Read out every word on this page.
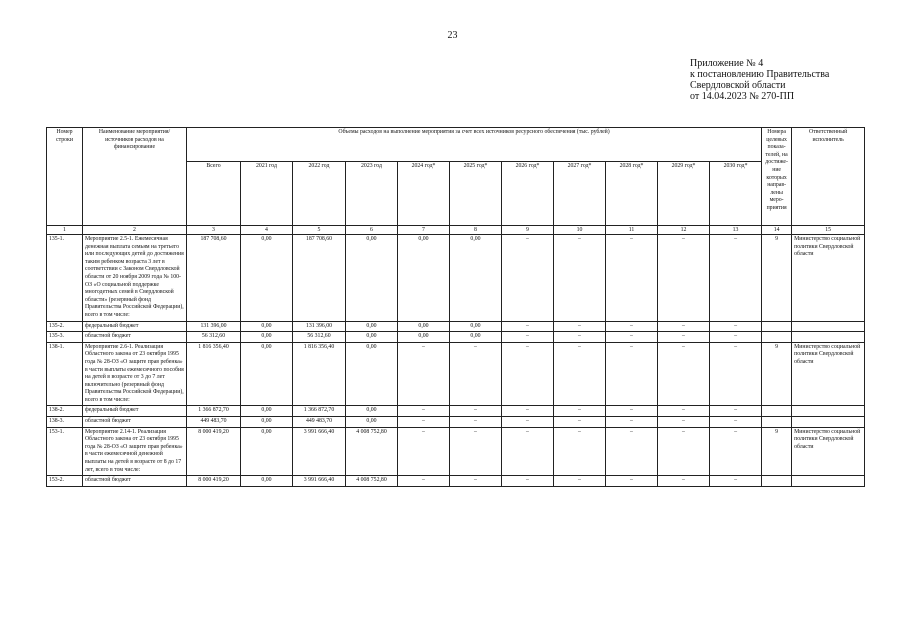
23
Приложение № 4
к постановлению Правительства
Свердловской области
от 14.04.2023 № 270-ПП
Номер строки	Наименование мероприятия/ источников расходов на финансирование	Объемы расходов на выполнение мероприятия за счет всех источников ресурсного обеспечения (тыс. рублей)											Номера целевых показа-телей, на достиже-ние которых направ-лены меро-приятия	Ответственный исполнитель
		Всего	2021 год	2022 год	2023 год	2024 год*	2025 год*	2026 год*	2027 год*	2028 год*	2029 год*	2030 год*		
1	2	3	4	5	6	7	8	9	10	11	12	13	14	15
135-1.	Мероприятие 2.5-1. Ежемесячная денежная выплата семьям на третьего или последующих детей до достижения таким ребенком возраста 3 лет в соответствии с Законом Свердловской области от 20 ноября 2009 года № 100-ОЗ «О социальной поддержке многодетных семей в Свердловской области» (резервный фонд Правительства Российской Федерации), всего в том числе:	187 708,60	0,00	187 708,60	0,00	0,00	0,00	–	–	–	–	–	9	Министерство социальной политики Свердловской области
135-2.	федеральный бюджет	131 396,00	0,00	131 396,00	0,00	0,00	0,00	–	–	–	–	–		
135-3.	областной бюджет	56 312,60	0,00	56 312,60	0,00	0,00	0,00	–	–	–	–	–		
138-1.	Мероприятие 2.6-1. Реализация Областного закона от 23 октября 1995 года № 28-ОЗ «О защите прав ребенка» в части выплаты ежемесячного пособия на детей в возрасте от 3 до 7 лет включительно (резервный фонд Правительства Российской Федерации), всего в том числе:	1 816 356,40	0,00	1 816 356,40	0,00	–	–	–	–	–	–	–	9	Министерство социальной политики Свердловской области
138-2.	федеральный бюджет	1 366 872,70	0,00	1 366 872,70	0,00	–	–	–	–	–	–	–		
138-3.	областной бюджет	449 483,70	0,00	449 483,70	0,00	–	–	–	–	–	–	–		
153-1.	Мероприятие 2.14-1. Реализация Областного закона от 23 октября 1995 года № 28-ОЗ «О защите прав ребенка» в части ежемесячной денежной выплаты на детей в возрасте от 8 до 17 лет, всего в том числе:	8 000 419,20	0,00	3 991 666,40	4 008 752,80	–	–	–	–	–	–	–	9	Министерство социальной политики Свердловской области
153-2.	областной бюджет	8 000 419,20	0,00	3 991 666,40	4 008 752,80	–	–	–	–	–	–	–		
